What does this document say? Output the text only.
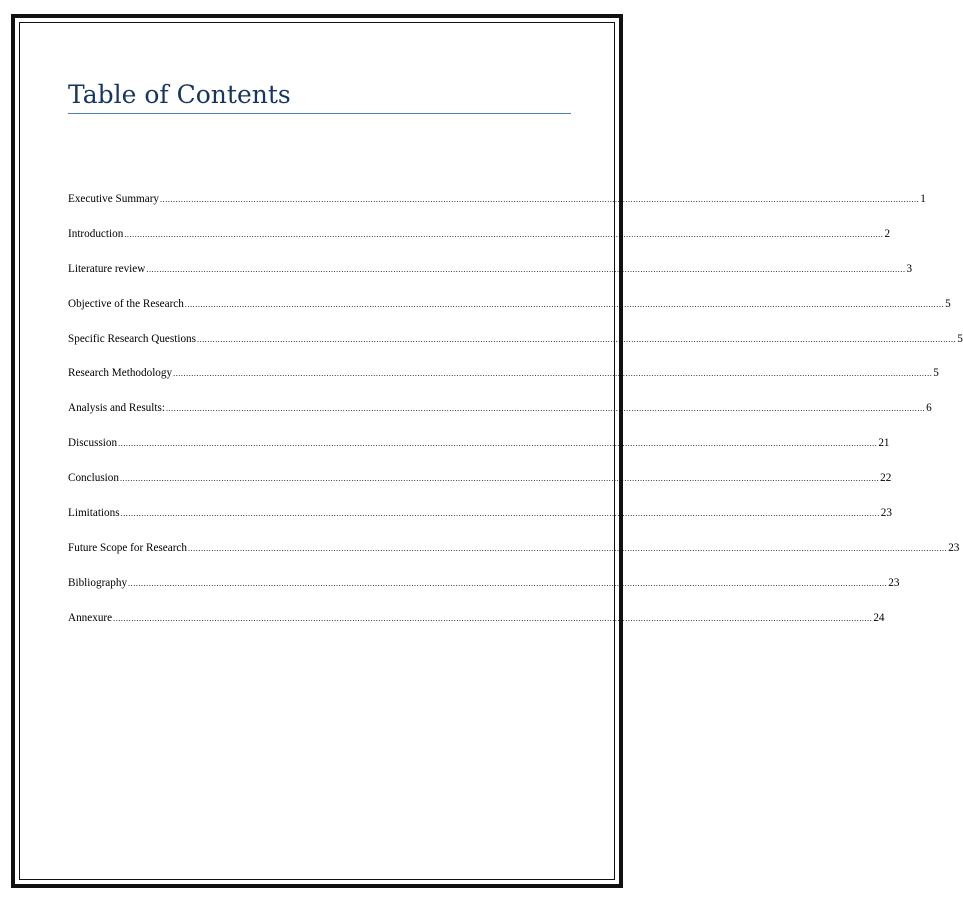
Table of Contents
Executive Summary .................................................................................................................................................................................................................................................................................................... 1
Introduction .................................................................................................................................................................................................................................................................................................... 2
Literature review .................................................................................................................................................................................................................................................................................................... 3
Objective of the Research .................................................................................................................................................................................................................................................................................................... 5
Specific Research Questions .................................................................................................................................................................................................................................................................................................... 5
Research Methodology .................................................................................................................................................................................................................................................................................................... 5
Analysis and Results: .................................................................................................................................................................................................................................................................................................... 6
Discussion .................................................................................................................................................................................................................................................................................................... 21
Conclusion .................................................................................................................................................................................................................................................................................................... 22
Limitations .................................................................................................................................................................................................................................................................................................... 23
Future Scope for Research .................................................................................................................................................................................................................................................................................................... 23
Bibliography .................................................................................................................................................................................................................................................................................................... 23
Annexure .................................................................................................................................................................................................................................................................................................... 24
